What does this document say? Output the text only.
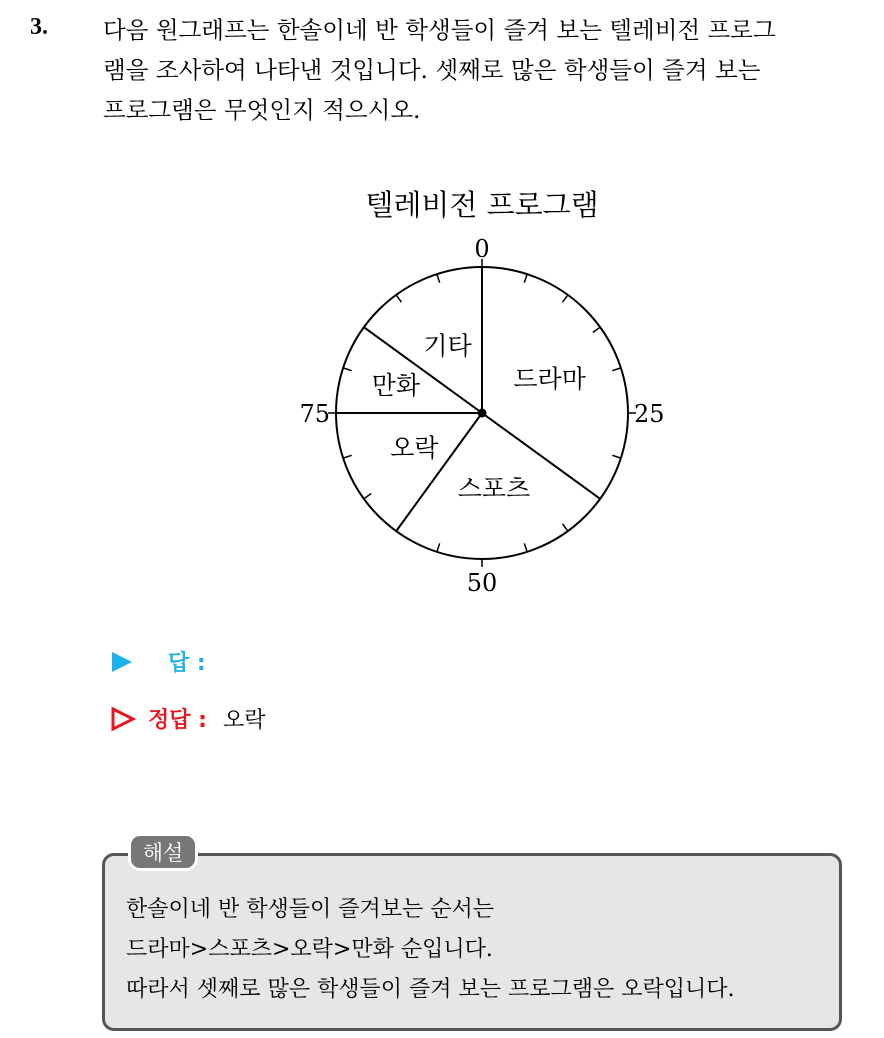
3. 다음 원그래프는 한솔이네 반 학생들이 즐겨 보는 텔레비전 프로그
램을 조사하여 나타낸 것입니다. 셋째로 많은 학생들이 즐겨 보는
프로그램은 무엇인지 적으시오.

텔레비전 프로그램
0
25
50
75
드라마
스포츠
오락
만화
기타
답 :
정답 : 오락
해설
한솔이네 반 학생들이 즐겨보는 순서는
드라마>스포츠>오락>만화 순입니다.
따라서 셋째로 많은 학생들이 즐겨 보는 프로그램은 오락입니다.
